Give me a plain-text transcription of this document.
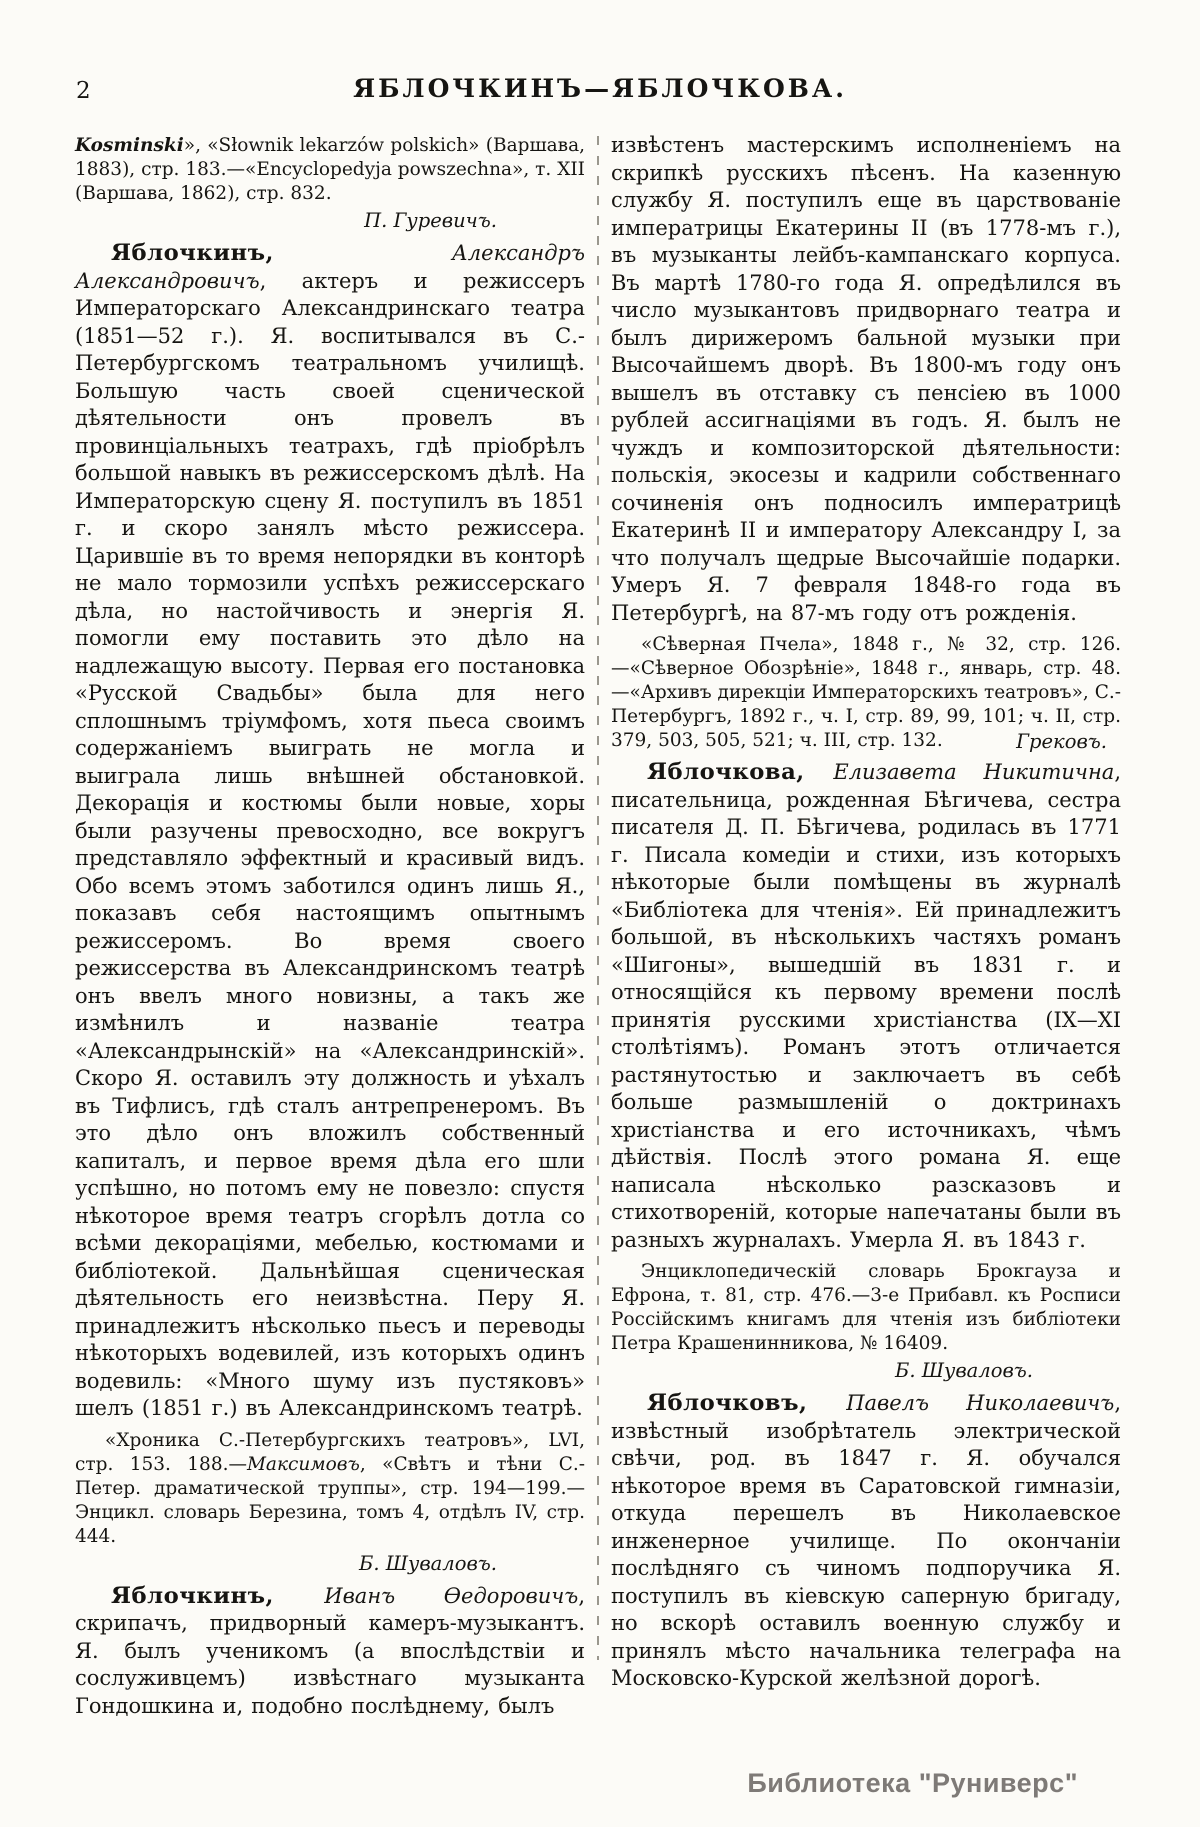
2	ЯБЛОЧКИНЪ—ЯБЛОЧКОВА.

Kosminski», «Słownik lekarzów polskich» (Варшава, 1883), стр. 183.—«Encyclopedyja powszechna», т. XII (Варшава, 1862), стр. 832.

П. Гуревичъ.

Яблочкинъ, Александръ Александровичъ, актеръ и режиссеръ Императорскаго Александринскаго театра (1851—52 г.). Я. воспитывался въ С.-Петербургскомъ театральномъ училищѣ. Большую часть своей сценической дѣятельности онъ провелъ въ провинціальныхъ театрахъ, гдѣ пріобрѣлъ большой навыкъ въ режиссерскомъ дѣлѣ. На Императорскую сцену Я. поступилъ въ 1851 г. и скоро занялъ мѣсто режиссера. Царившіе въ то время непорядки въ конторѣ не мало тормозили успѣхъ режиссерскаго дѣла, но настойчивость и энергія Я. помогли ему поставить это дѣло на надлежащую высоту. Первая его постановка «Русской Свадьбы» была для него сплошнымъ тріумфомъ, хотя пьеса своимъ содержаніемъ выиграть не могла и выиграла лишь внѣшней обстановкой. Декорація и костюмы были новые, хоры были разучены превосходно, все вокругъ представляло эффектный и красивый видъ. Обо всемъ этомъ заботился одинъ лишь Я., показавъ себя настоящимъ опытнымъ режиссеромъ. Во время своего режиссерства въ Александринскомъ театрѣ онъ ввелъ много новизны, а такъ же измѣнилъ и названіе театра «Александрынскій» на «Александринскій». Скоро Я. оставилъ эту должность и уѣхалъ въ Тифлисъ, гдѣ сталъ антрепренеромъ. Въ это дѣло онъ вложилъ собственный капиталъ, и первое время дѣла его шли успѣшно, но потомъ ему не повезло: спустя нѣкоторое время театръ сгорѣлъ дотла со всѣми декораціями, мебелью, костюмами и библіотекой. Дальнѣйшая сценическая дѣятельность его неизвѣстна. Перу Я. принадлежитъ нѣсколько пьесъ и переводы нѣкоторыхъ водевилей, изъ которыхъ одинъ водевиль: «Много шуму изъ пустяковъ» шелъ (1851 г.) въ Александринскомъ театрѣ.

«Хроника С.-Петербургскихъ театровъ», LVI, стр. 153. 188.—Максимовъ, «Свѣтъ и тѣни С.-Петер. драматической труппы», стр. 194—199.—Энцикл. словарь Березина, томъ 4, отдѣлъ IV, стр. 444.

Б. Шуваловъ.

Яблочкинъ, Иванъ Ѳедоровичъ, скрипачъ, придворный камеръ-музыкантъ. Я. былъ ученикомъ (а впослѣдствіи и сослуживцемъ) извѣстнаго музыканта Гондошкина и, подобно послѣднему, былъ

извѣстенъ мастерскимъ исполненіемъ на скрипкѣ русскихъ пѣсенъ. На казенную службу Я. поступилъ еще въ царствованіе императрицы Екатерины II (въ 1778-мъ г.), въ музыканты лейбъ-кампанскаго корпуса. Въ мартѣ 1780-го года Я. опредѣлился въ число музыкантовъ придворнаго театра и былъ дирижеромъ бальной музыки при Высочайшемъ дворѣ. Въ 1800-мъ году онъ вышелъ въ отставку съ пенсіею въ 1000 рублей ассигнаціями въ годъ. Я. былъ не чуждъ и композиторской дѣятельности: польскія, экосезы и кадрили собственнаго сочиненія онъ подносилъ императрицѣ Екатеринѣ II и императору Александру I, за что получалъ щедрые Высочайшіе подарки. Умеръ Я. 7 февраля 1848-го года въ Петербургѣ, на 87-мъ году отъ рожденія.

«Сѣверная Пчела», 1848 г., № 32, стр. 126.—«Сѣверное Обозрѣніе», 1848 г., январь, стр. 48.—«Архивъ дирекціи Императорскихъ театровъ», С.-Петербургъ, 1892 г., ч. I, стр. 89, 99, 101; ч. II, стр. 379, 503, 505, 521; ч. III, стр. 132.	Грековъ.

Яблочкова, Елизавета Никитична, писательница, рожденная Бѣгичева, сестра писателя Д. П. Бѣгичева, родилась въ 1771 г. Писала комедіи и стихи, изъ которыхъ нѣкоторые были помѣщены въ журналѣ «Библіотека для чтенія». Ей принадлежитъ большой, въ нѣсколькихъ частяхъ романъ «Шигоны», вышедшій въ 1831 г. и относящійся къ первому времени послѣ принятія русскими христіанства (IX—XI столѣтіямъ). Романъ этотъ отличается растянутостью и заключаетъ въ себѣ больше размышленій о доктринахъ христіанства и его источникахъ, чѣмъ дѣйствія. Послѣ этого романа Я. еще написала нѣсколько разсказовъ и стихотвореній, которые напечатаны были въ разныхъ журналахъ. Умерла Я. въ 1843 г.

Энциклопедическій словарь Брокгауза и Ефрона, т. 81, стр. 476.—3-е Прибавл. къ Росписи Россійскимъ книгамъ для чтенія изъ библіотеки Петра Крашенинникова, № 16409.

Б. Шуваловъ.

Яблочковъ, Павелъ Николаевичъ, извѣстный изобрѣтатель электрической свѣчи, род. въ 1847 г. Я. обучался нѣкоторое время въ Саратовской гимназіи, откуда перешелъ въ Николаевское инженерное училище. По окончаніи послѣдняго съ чиномъ подпоручика Я. поступилъ въ кіевскую саперную бригаду, но вскорѣ оставилъ военную службу и принялъ мѣсто начальника телеграфа на Московско-Курской желѣзной дорогѣ.

Библиотека "Руниверс"
